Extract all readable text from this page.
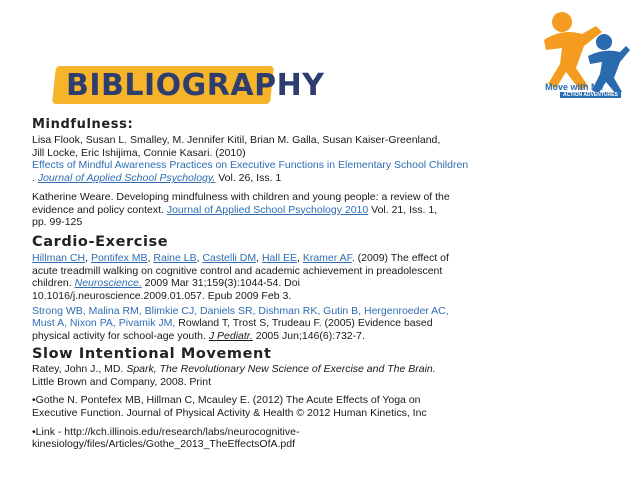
BIBLIOGRAPHY	Move with Me
ACTION ADVENTURES
Mindfulness:
Lisa Flook, Susan L. Smalley, M. Jennifer Kitil, Brian M. Galla, Susan Kaiser-Greenland,
Jill Locke, Eric Ishijima, Connie Kasari. (2010)
Effects of Mindful Awareness Practices on Executive Functions in Elementary School Children
. Journal of Applied School Psychology. Vol. 26, Iss. 1
Katherine Weare. Developing mindfulness with children and young people: a review of the
evidence and policy context. Journal of Applied School Psychology 2010 Vol. 21, Iss. 1,
pp. 99-125
Cardio-Exercise
Hillman CH, Pontifex MB, Raine LB, Castelli DM, Hall EE, Kramer AF. (2009) The effect of
acute treadmill walking on cognitive control and academic achievement in preadolescent
children. Neuroscience. 2009 Mar 31;159(3):1044-54. Doi
10.1016/j.neuroscience.2009.01.057. Epub 2009 Feb 3.
Strong WB, Malina RM, Blimkie CJ, Daniels SR, Dishman RK, Gutin B, Hergenroeder AC,
Must A, Nixon PA, Pivamik JM, Rowland T, Trost S, Trudeau F. (2005) Evidence based
physical activity for school-age youth. J Pediatr. 2005 Jun;146(6):732-7.
Slow Intentional Movement
Ratey, John J., MD. Spark, The Revolutionary New Science of Exercise and The Brain.
Little Brown and Company, 2008. Print
•Gothe N. Pontefex MB, Hillman C, Mcauley E. (2012) The Acute Effects of Yoga on
Executive Function. Journal of Physical Activity & Health © 2012 Human Kinetics, Inc
•Link - http://kch.illinois.edu/research/labs/neurocognitive-
kinesiology/files/Articles/Gothe_2013_TheEffectsOfA.pdf
